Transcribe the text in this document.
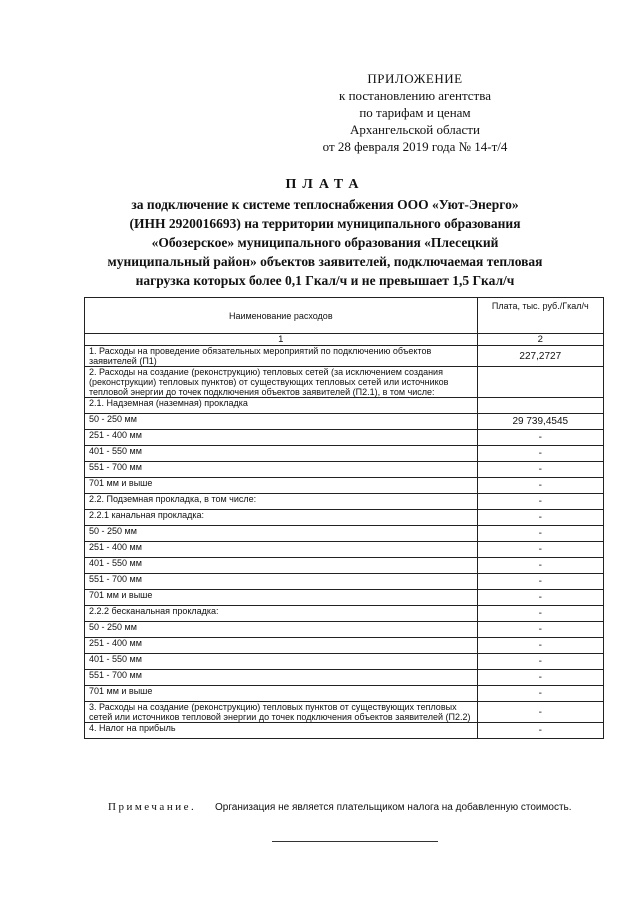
ПРИЛОЖЕНИЕ
к постановлению агентства
по тарифам и ценам
Архангельской области
от 28 февраля 2019 года № 14-т/4
ПЛАТА
за подключение к системе теплоснабжения ООО «Уют-Энерго»
(ИНН 2920016693) на территории муниципального образования
«Обозерское» муниципального образования «Плесецкий
муниципальный район» объектов заявителей, подключаемая тепловая
нагрузка которых более 0,1 Гкал/ч и не превышает 1,5 Гкал/ч
Наименование расходов	Плата, тыс. руб./Гкал/ч
1	2
1. Расходы на проведение обязательных мероприятий по подключению объектов заявителей (П1)	227,2727
2. Расходы на создание (реконструкцию) тепловых сетей (за исключением создания (реконструкции) тепловых пунктов) от существующих тепловых сетей или источников тепловой энергии до точек подключения объектов заявителей (П2.1), в том числе:	
2.1. Надземная (наземная) прокладка	
50 - 250 мм	29 739,4545
251 - 400 мм	-
401 - 550 мм	-
551 - 700 мм	-
701 мм и выше	-
2.2. Подземная прокладка, в том числе:	-
2.2.1 канальная прокладка:	-
50 - 250 мм	-
251 - 400 мм	-
401 - 550 мм	-
551 - 700 мм	-
701 мм и выше	-
2.2.2 бесканальная прокладка:	-
50 - 250 мм	-
251 - 400 мм	-
401 - 550 мм	-
551 - 700 мм	-
701 мм и выше	-
3. Расходы на создание (реконструкцию) тепловых пунктов от существующих тепловых сетей или источников тепловой энергии до точек подключения объектов заявителей (П2.2)	-
4. Налог на прибыль	-
Примечание. Организация не является плательщиком налога на добавленную стоимость.
